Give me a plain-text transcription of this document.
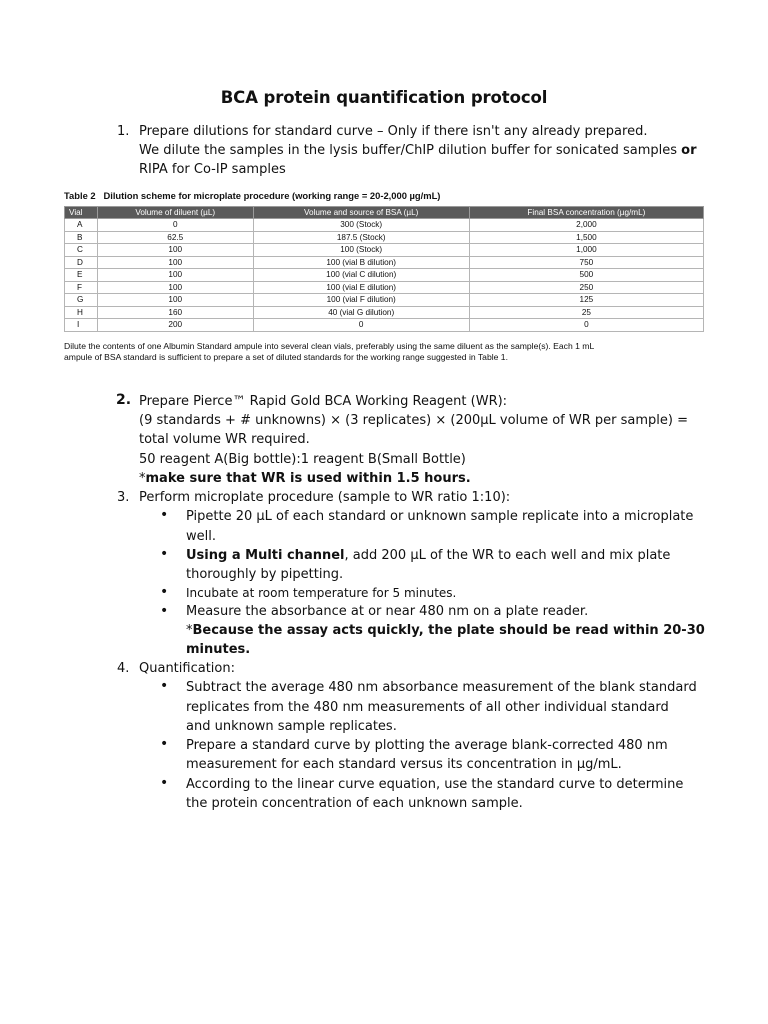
BCA protein quantification protocol
1. Prepare dilutions for standard curve – Only if there isn't any already prepared.
We dilute the samples in the lysis buffer/ChIP dilution buffer for sonicated samples or
RIPA for Co-IP samples
Table 2 Dilution scheme for microplate procedure (working range = 20-2,000 µg/mL)
Vial	Volume of diluent (µL)	Volume and source of BSA (µL)	Final BSA concentration (µg/mL)
A	0	300 (Stock)	2,000
B	62.5	187.5 (Stock)	1,500
C	100	100 (Stock)	1,000
D	100	100 (vial B dilution)	750
E	100	100 (vial C dilution)	500
F	100	100 (vial E dilution)	250
G	100	100 (vial F dilution)	125
H	160	40 (vial G dilution)	25
I	200	0	0
Dilute the contents of one Albumin Standard ampule into several clean vials, preferably using the same diluent as the sample(s). Each 1 mL
ampule of BSA standard is sufficient to prepare a set of diluted standards for the working range suggested in Table 1.
2. Prepare Pierce™ Rapid Gold BCA Working Reagent (WR):
(9 standards + # unknowns) × (3 replicates) × (200µL volume of WR per sample) =
total volume WR required.
50 reagent A(Big bottle):1 reagent B(Small Bottle)
*make sure that WR is used within 1.5 hours.
3. Perform microplate procedure (sample to WR ratio 1:10):
• Pipette 20 µL of each standard or unknown sample replicate into a microplate
well.
• Using a Multi channel, add 200 µL of the WR to each well and mix plate
thoroughly by pipetting.
• Incubate at room temperature for 5 minutes.
• Measure the absorbance at or near 480 nm on a plate reader.
*Because the assay acts quickly, the plate should be read within 20-30
minutes.
4. Quantification:
• Subtract the average 480 nm absorbance measurement of the blank standard
replicates from the 480 nm measurements of all other individual standard
and unknown sample replicates.
• Prepare a standard curve by plotting the average blank-corrected 480 nm
measurement for each standard versus its concentration in µg/mL.
• According to the linear curve equation, use the standard curve to determine
the protein concentration of each unknown sample.
